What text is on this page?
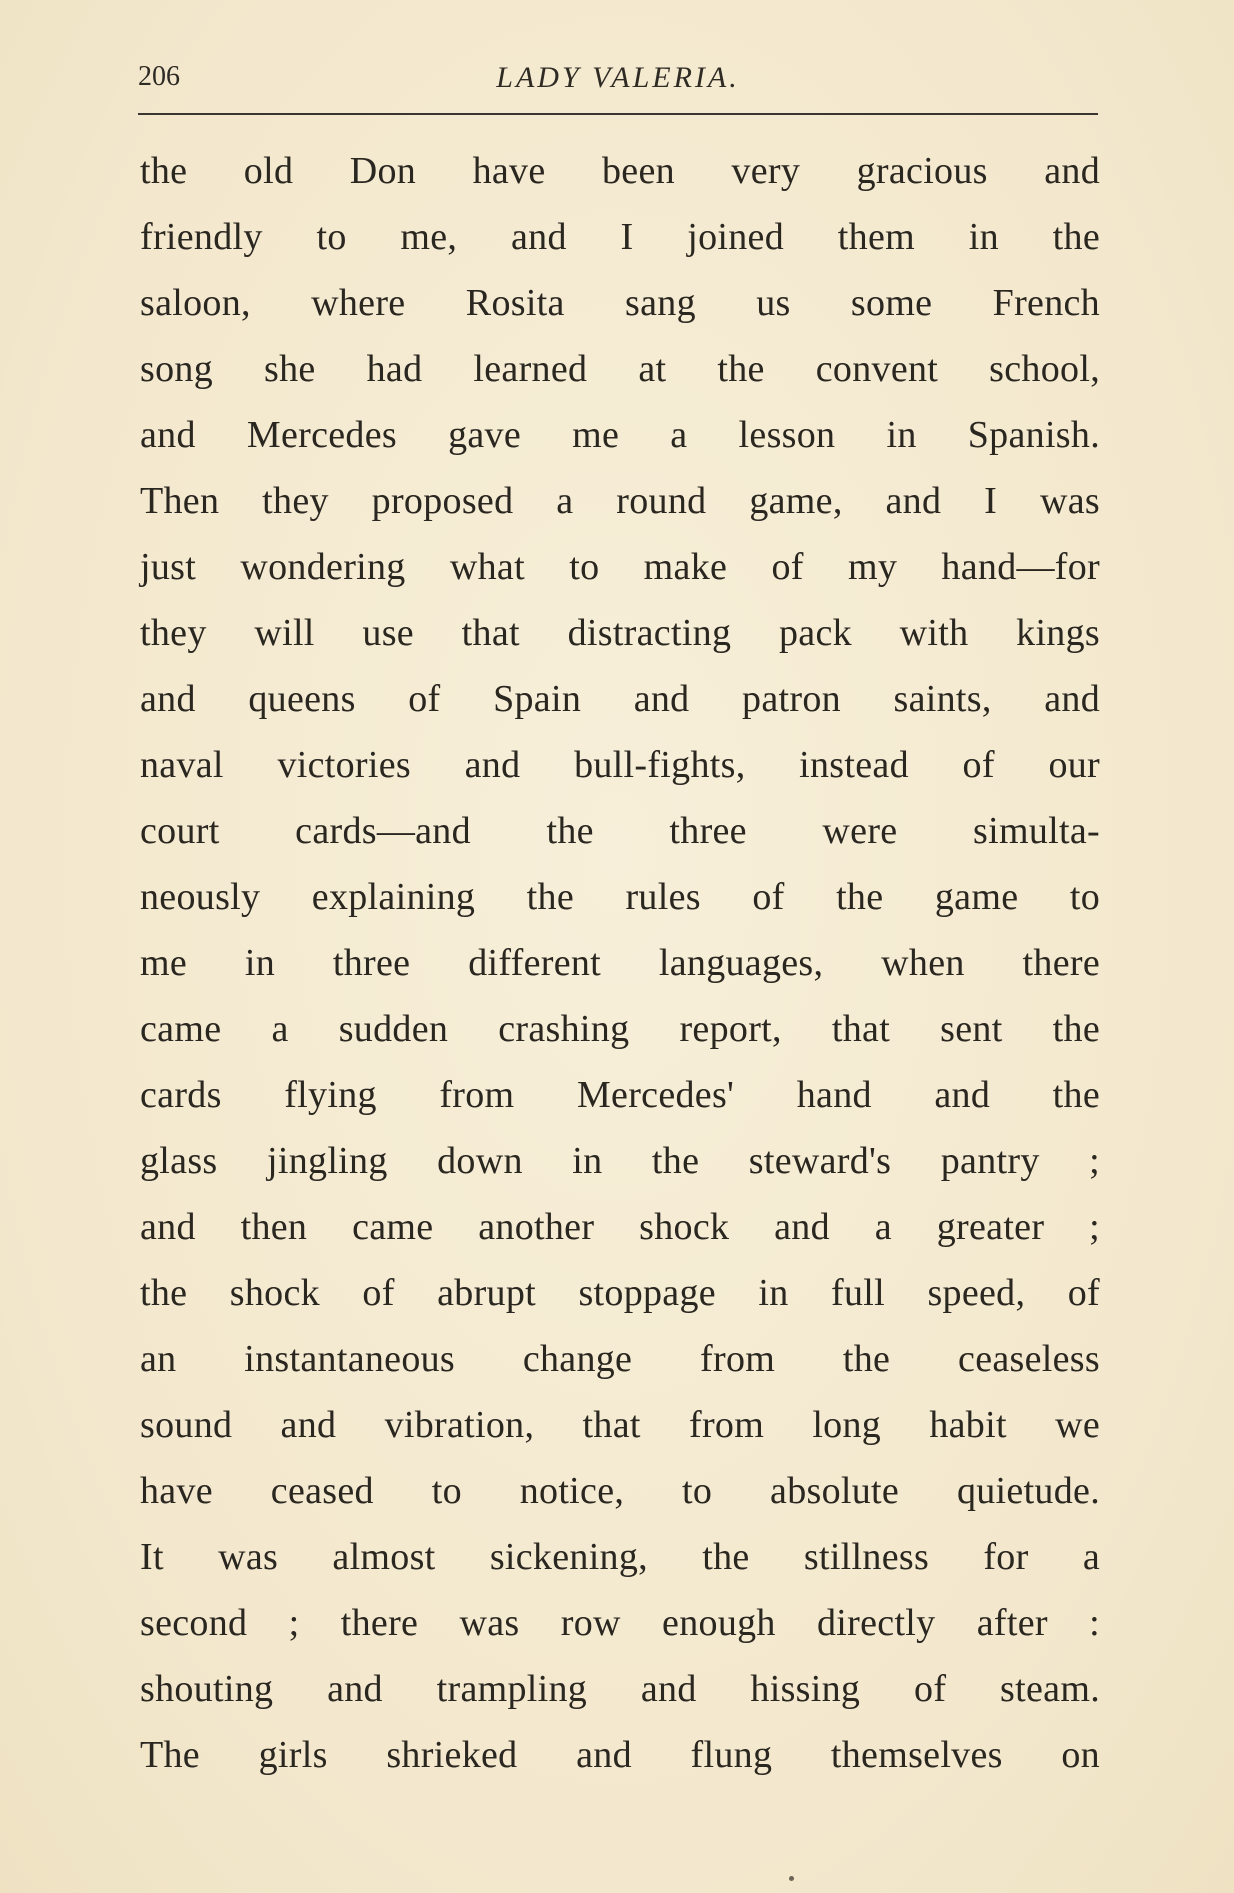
206	LADY VALERIA.
the old Don have been very gracious and
friendly to me, and I joined them in the
saloon, where Rosita sang us some French
song she had learned at the convent school,
and Mercedes gave me a lesson in Spanish.
Then they proposed a round game, and I was
just wondering what to make of my hand—for
they will use that distracting pack with kings
and queens of Spain and patron saints, and
naval victories and bull-fights, instead of our
court cards—and the three were simulta-
neously explaining the rules of the game to
me in three different languages, when there
came a sudden crashing report, that sent the
cards flying from Mercedes' hand and the
glass jingling down in the steward's pantry ;
and then came another shock and a greater ;
the shock of abrupt stoppage in full speed, of
an instantaneous change from the ceaseless
sound and vibration, that from long habit we
have ceased to notice, to absolute quietude.
It was almost sickening, the stillness for a
second ; there was row enough directly after :
shouting and trampling and hissing of steam.
The girls shrieked and flung themselves on
